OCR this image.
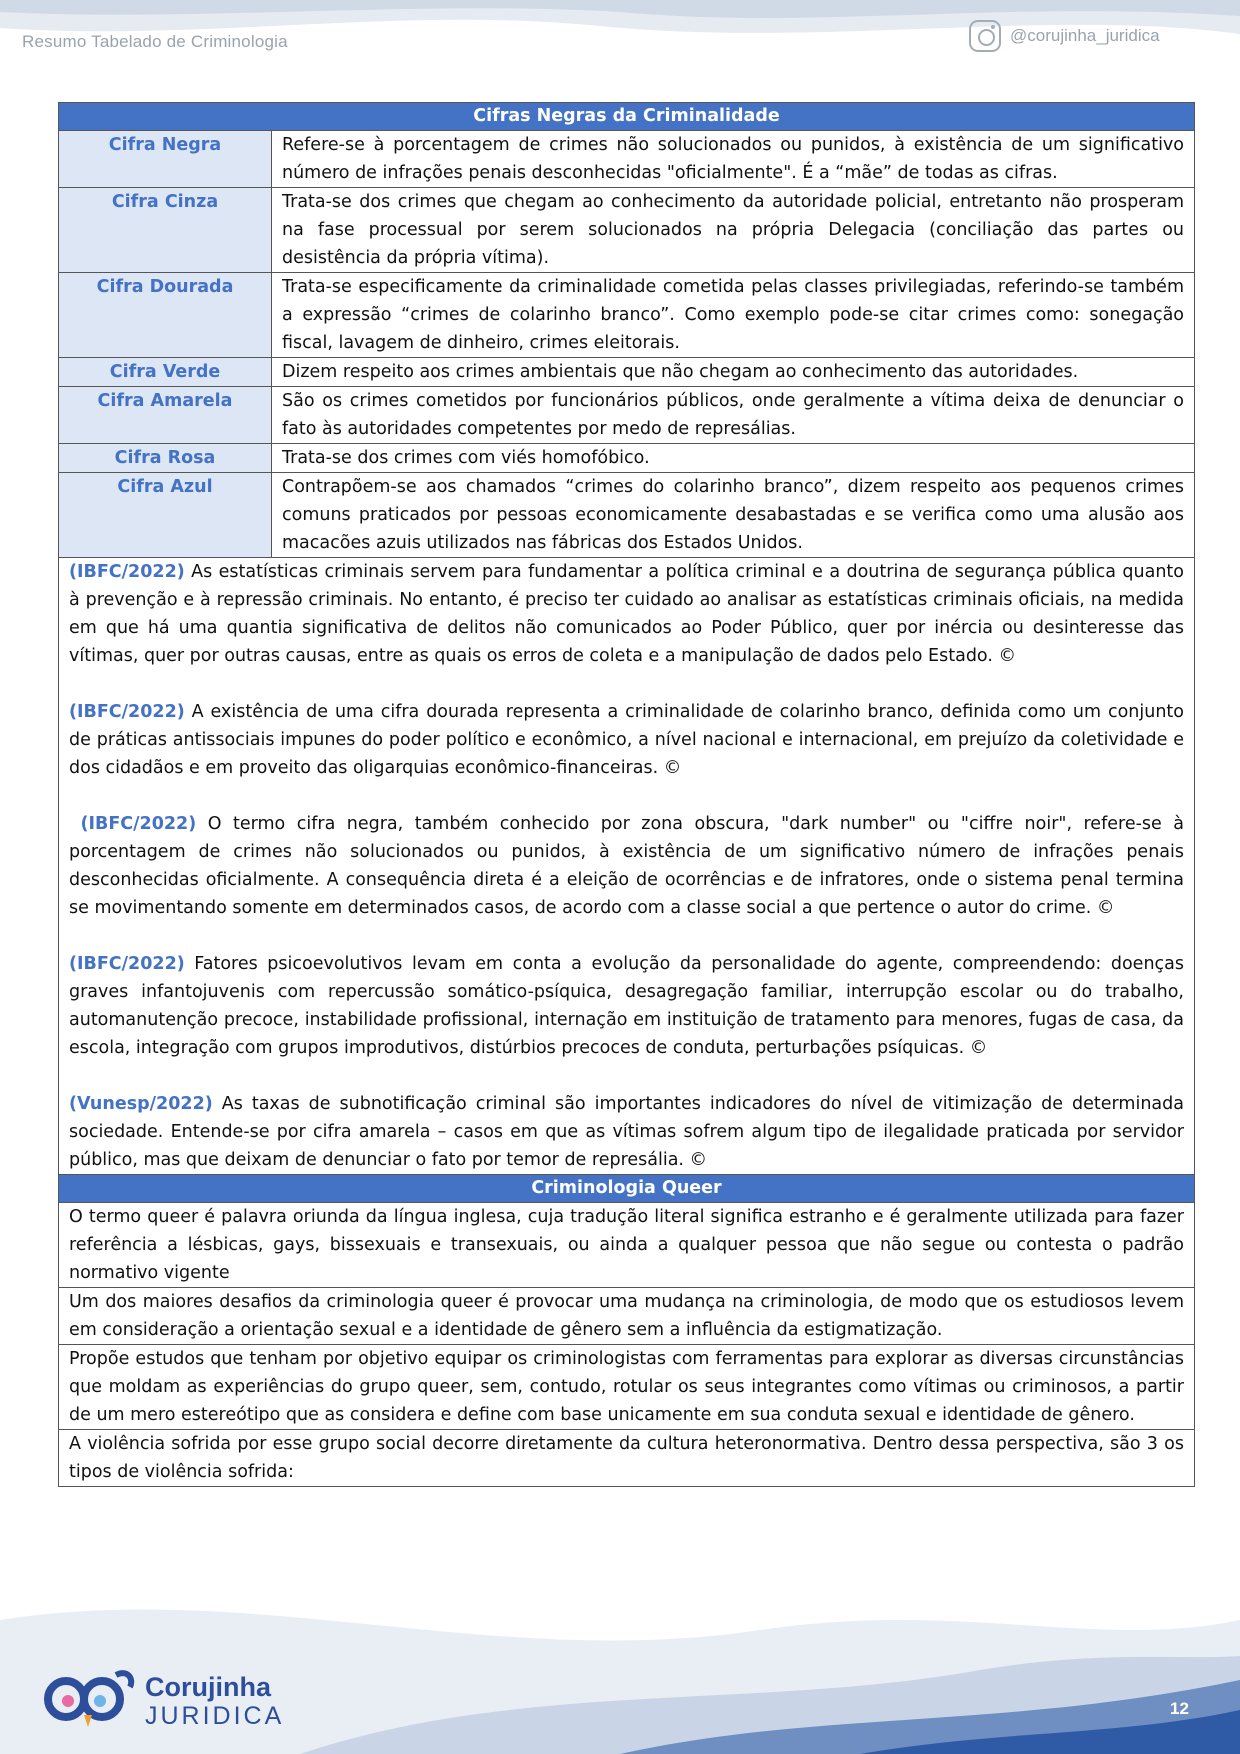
Resumo Tabelado de Criminologia	@corujinha_juridica
Cifras Negras da Criminalidade	
Cifra Negra	Refere-se à porcentagem de crimes não solucionados ou punidos, à existência de um significativo número de infrações penais desconhecidas "oficialmente". É a “mãe” de todas as cifras.
Cifra Cinza	Trata-se dos crimes que chegam ao conhecimento da autoridade policial, entretanto não prosperam na fase processual por serem solucionados na própria Delegacia (conciliação das partes ou desistência da própria vítima).
Cifra Dourada	Trata-se especificamente da criminalidade cometida pelas classes privilegiadas, referindo-se também a expressão “crimes de colarinho branco”. Como exemplo pode-se citar crimes como: sonegação fiscal, lavagem de dinheiro, crimes eleitorais.
Cifra Verde	Dizem respeito aos crimes ambientais que não chegam ao conhecimento das autoridades.
Cifra Amarela	São os crimes cometidos por funcionários públicos, onde geralmente a vítima deixa de denunciar o fato às autoridades competentes por medo de represálias.
Cifra Rosa	Trata-se dos crimes com viés homofóbico.
Cifra Azul	Contrapõem-se aos chamados “crimes do colarinho branco”, dizem respeito aos pequenos crimes comuns praticados por pessoas economicamente desabastadas e se verifica como uma alusão aos macacões azuis utilizados nas fábricas dos Estados Unidos.

(IBFC/2022) As estatísticas criminais servem para fundamentar a política criminal e a doutrina de segurança pública quanto à prevenção e à repressão criminais. No entanto, é preciso ter cuidado ao analisar as estatísticas criminais oficiais, na medida em que há uma quantia significativa de delitos não comunicados ao Poder Público, quer por inércia ou desinteresse das vítimas, quer por outras causas, entre as quais os erros de coleta e a manipulação de dados pelo Estado. ©

(IBFC/2022) A existência de uma cifra dourada representa a criminalidade de colarinho branco, definida como um conjunto de práticas antissociais impunes do poder político e econômico, a nível nacional e internacional, em prejuízo da coletividade e dos cidadãos e em proveito das oligarquias econômico-financeiras. ©

(IBFC/2022) O termo cifra negra, também conhecido por zona obscura, "dark number" ou "ciffre noir", refere-se à porcentagem de crimes não solucionados ou punidos, à existência de um significativo número de infrações penais desconhecidas oficialmente. A consequência direta é a eleição de ocorrências e de infratores, onde o sistema penal termina se movimentando somente em determinados casos, de acordo com a classe social a que pertence o autor do crime. ©

(IBFC/2022) Fatores psicoevolutivos levam em conta a evolução da personalidade do agente, compreendendo: doenças graves infantojuvenis com repercussão somático-psíquica, desagregação familiar, interrupção escolar ou do trabalho, automanutenção precoce, instabilidade profissional, internação em instituição de tratamento para menores, fugas de casa, da escola, integração com grupos improdutivos, distúrbios precoces de conduta, perturbações psíquicas. ©

(Vunesp/2022) As taxas de subnotificação criminal são importantes indicadores do nível de vitimização de determinada sociedade. Entende-se por cifra amarela – casos em que as vítimas sofrem algum tipo de ilegalidade praticada por servidor público, mas que deixam de denunciar o fato por temor de represália. ©	

Criminologia Queer	
O termo queer é palavra oriunda da língua inglesa, cuja tradução literal significa estranho e é geralmente utilizada para fazer referência a lésbicas, gays, bissexuais e transexuais, ou ainda a qualquer pessoa que não segue ou contesta o padrão normativo vigente	
Um dos maiores desafios da criminologia queer é provocar uma mudança na criminologia, de modo que os estudiosos levem em consideração a orientação sexual e a identidade de gênero sem a influência da estigmatização.	
Propõe estudos que tenham por objetivo equipar os criminologistas com ferramentas para explorar as diversas circunstâncias que moldam as experiências do grupo queer, sem, contudo, rotular os seus integrantes como vítimas ou criminosos, a partir de um mero estereótipo que as considera e define com base unicamente em sua conduta sexual e identidade de gênero.	
A violência sofrida por esse grupo social decorre diretamente da cultura heteronormativa. Dentro dessa perspectiva, são 3 os tipos de violência sofrida:	
Corujinha
JURIDICA	12
